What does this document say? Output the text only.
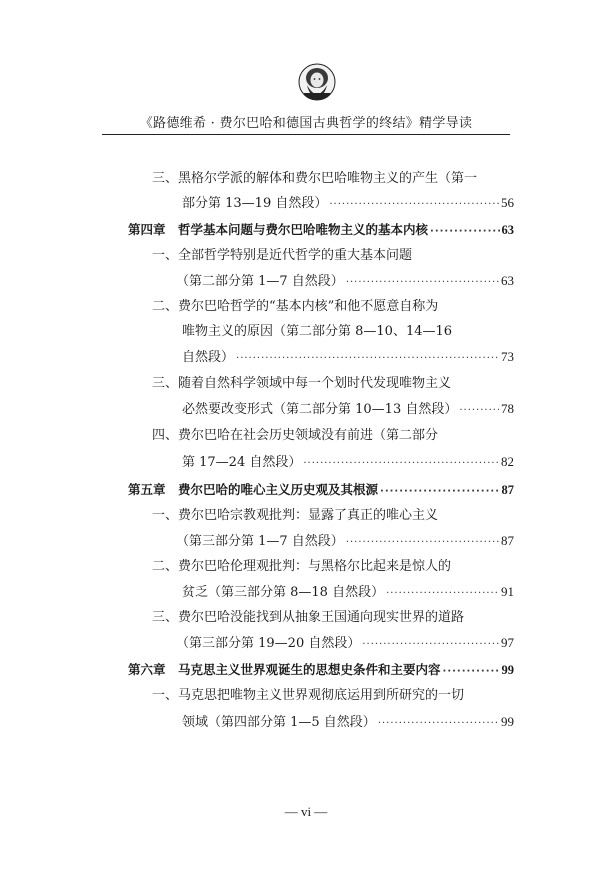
《路德维希 · 费尔巴哈和德国古典哲学的终结》精学导读
三、黑格尔学派的解体和费尔巴哈唯物主义的产生（第一
部分第 13—19 自然段） ·····	56
第四章　哲学基本问题与费尔巴哈唯物主义的基本内核 ·····	63
一、全部哲学特别是近代哲学的重大基本问题
（第二部分第 1—7 自然段） ·····	63
二、费尔巴哈哲学的“基本内核”和他不愿意自称为
唯物主义的原因（第二部分第 8—10、14—16
自然段） ·····	73
三、随着自然科学领域中每一个划时代发现唯物主义
必然要改变形式（第二部分第 10—13 自然段） ·····	78
四、费尔巴哈在社会历史领域没有前进（第二部分
第 17—24 自然段） ·····	82
第五章　费尔巴哈的唯心主义历史观及其根源 ·····	87
一、费尔巴哈宗教观批判：显露了真正的唯心主义
（第三部分第 1—7 自然段） ·····	87
二、费尔巴哈伦理观批判：与黑格尔比起来是惊人的
贫乏（第三部分第 8—18 自然段） ·····	91
三、费尔巴哈没能找到从抽象王国通向现实世界的道路
（第三部分第 19—20 自然段） ·····	97
第六章　马克思主义世界观诞生的思想史条件和主要内容 ·····	99
一、马克思把唯物主义世界观彻底运用到所研究的一切
领域（第四部分第 1—5 自然段） ·····	99
— vi —
